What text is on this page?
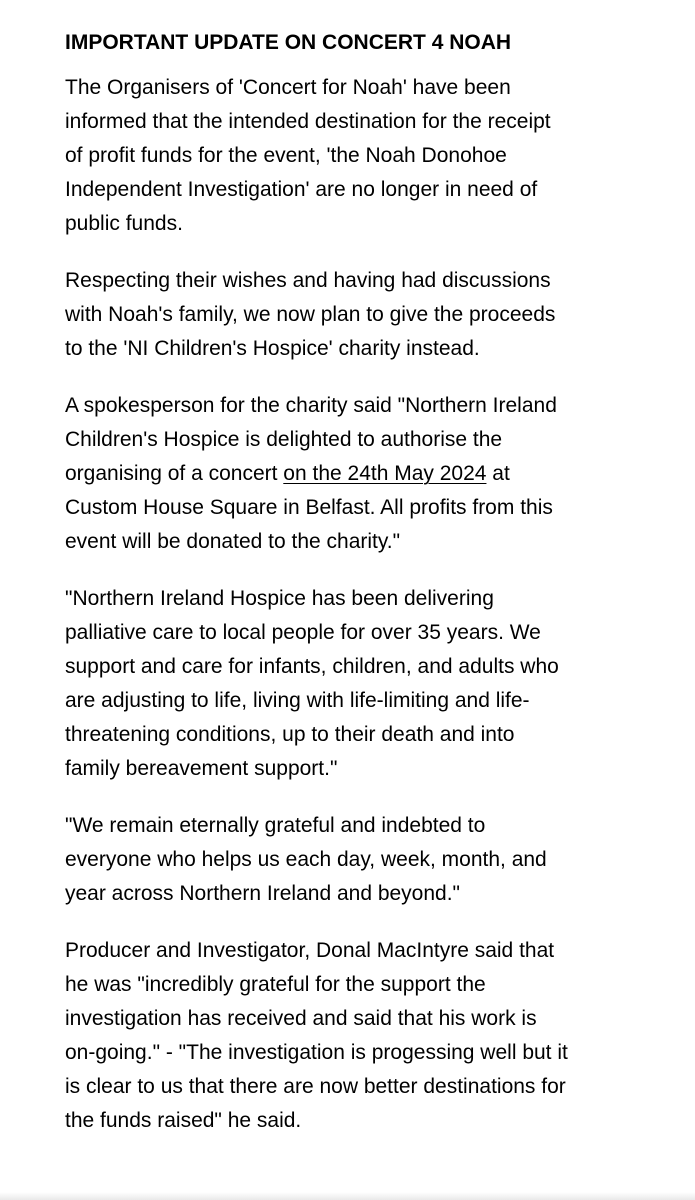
IMPORTANT UPDATE ON CONCERT 4 NOAH

The Organisers of 'Concert for Noah' have been
informed that the intended destination for the receipt
of profit funds for the event, 'the Noah Donohoe
Independent Investigation' are no longer in need of
public funds.

Respecting their wishes and having had discussions
with Noah's family, we now plan to give the proceeds
to the 'NI Children's Hospice' charity instead.

A spokesperson for the charity said "Northern Ireland
Children's Hospice is delighted to authorise the
organising of a concert on the 24th May 2024 at
Custom House Square in Belfast. All profits from this
event will be donated to the charity."

"Northern Ireland Hospice has been delivering
palliative care to local people for over 35 years. We
support and care for infants, children, and adults who
are adjusting to life, living with life-limiting and life-
threatening conditions, up to their death and into
family bereavement support."

"We remain eternally grateful and indebted to
everyone who helps us each day, week, month, and
year across Northern Ireland and beyond."

Producer and Investigator, Donal MacIntyre said that
he was "incredibly grateful for the support the
investigation has received and said that his work is
on-going." - "The investigation is progessing well but it
is clear to us that there are now better destinations for
the funds raised" he said.
